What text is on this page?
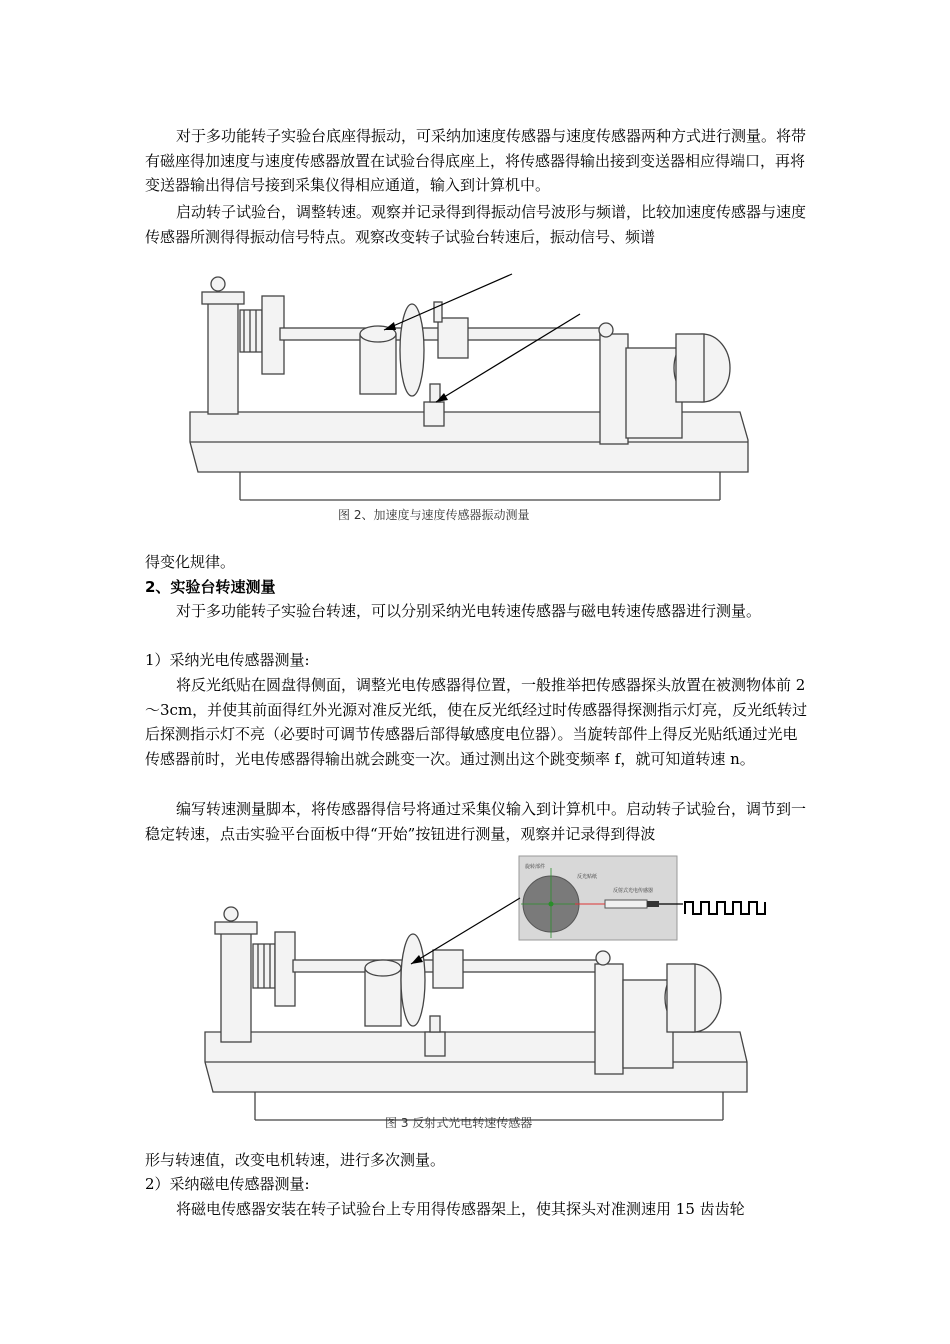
对于多功能转子实验台底座得振动，可采纳加速度传感器与速度传感器两种方式进行测量。将带有磁座得加速度与速度传感器放置在试验台得底座上，将传感器得输出接到变送器相应得端口，再将变送器输出得信号接到采集仪得相应通道，输入到计算机中。

启动转子试验台，调整转速。观察并记录得到得振动信号波形与频谱，比较加速度传感器与速度传感器所测得得振动信号特点。观察改变转子试验台转速后，振动信号、频谱

图 2、加速度与速度传感器振动测量

得变化规律。

2、实验台转速测量

对于多功能转子实验台转速，可以分别采纳光电转速传感器与磁电转速传感器进行测量。

1）采纳光电传感器测量:

将反光纸贴在圆盘得侧面，调整光电传感器得位置，一般推举把传感器探头放置在被测物体前 2～3cm，并使其前面得红外光源对准反光纸，使在反光纸经过时传感器得探测指示灯亮，反光纸转过后探测指示灯不亮（必要时可调节传感器后部得敏感度电位器）。当旋转部件上得反光贴纸通过光电传感器前时，光电传感器得输出就会跳变一次。通过测出这个跳变频率 f，就可知道转速 n。

编写转速测量脚本，将传感器得信号将通过采集仪输入到计算机中。启动转子试验台，调节到一稳定转速，点击实验平台面板中得“开始”按钮进行测量，观察并记录得到得波

旋转部件
反光贴纸
反射式光电传感器
图 3 反射式光电转速传感器

形与转速值，改变电机转速，进行多次测量。

2）采纳磁电传感器测量:

将磁电传感器安装在转子试验台上专用得传感器架上，使其探头对准测速用 15 齿齿轮
